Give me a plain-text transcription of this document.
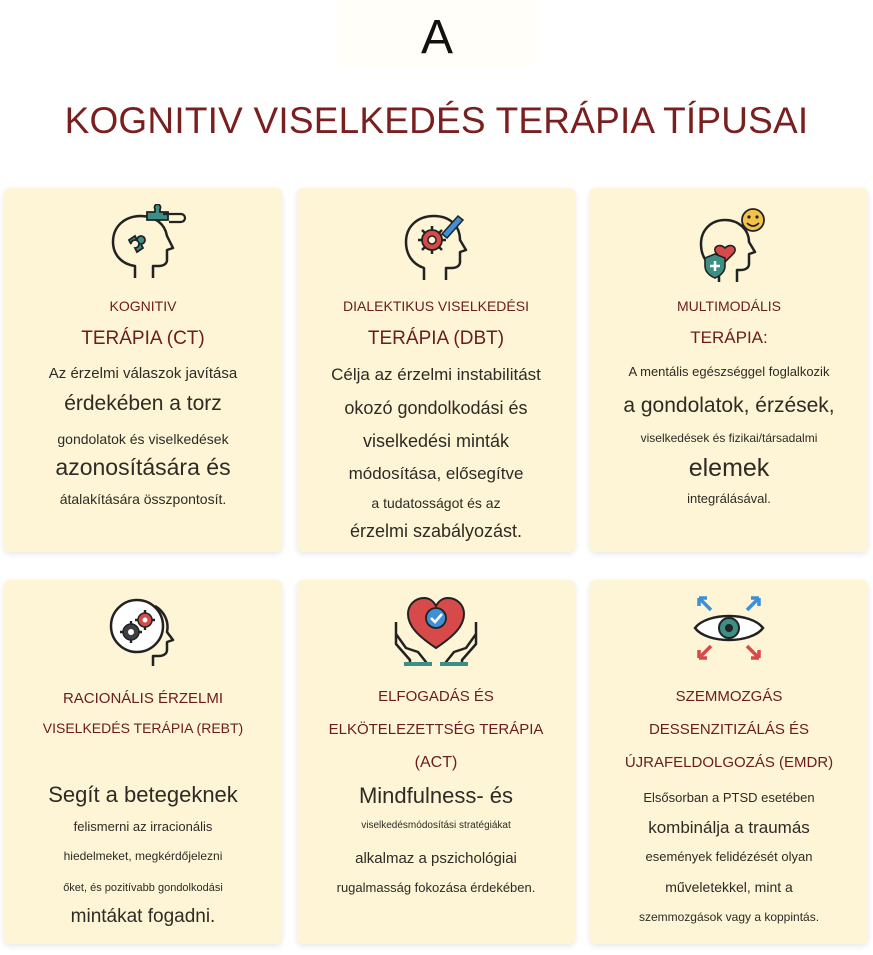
A
KOGNITIV VISELKEDÉS TERÁPIA TÍPUSAI
KOGNITIV
TERÁPIA (CT)
Az érzelmi válaszok javítása
érdekében a torz
gondolatok és viselkedések
azonosítására és
átalakítására összpontosít.
DIALEKTIKUS VISELKEDÉSI
TERÁPIA (DBT)
Célja az érzelmi instabilitást
okozó gondolkodási és
viselkedési minták
módosítása, elősegítve
a tudatosságot és az
érzelmi szabályozást.
MULTIMODÁLIS
TERÁPIA:
A mentális egészséggel foglalkozik
a gondolatok, érzések,
viselkedések és fizikai/társadalmi
elemek
integrálásával.
RACIONÁLIS ÉRZELMI
VISELKEDÉS TERÁPIA (REBT)
Segít a betegeknek
felismerni az irracionális
hiedelmeket, megkérdőjelezni
őket, és pozitívabb gondolkodási
mintákat fogadni.
ELFOGADÁS ÉS
ELKÖTELEZETTSÉG TERÁPIA
(ACT)
Mindfulness- és
viselkedésmódosítási stratégiákat
alkalmaz a pszichológiai
rugalmasság fokozása érdekében.
SZEMMOZGÁS
DESSENZITIZÁLÁS ÉS
ÚJRAFELDOLGOZÁS (EMDR)
Elsősorban a PTSD esetében
kombinálja a traumás
események felidézését olyan
műveletekkel, mint a
szemmozgások vagy a koppintás.
